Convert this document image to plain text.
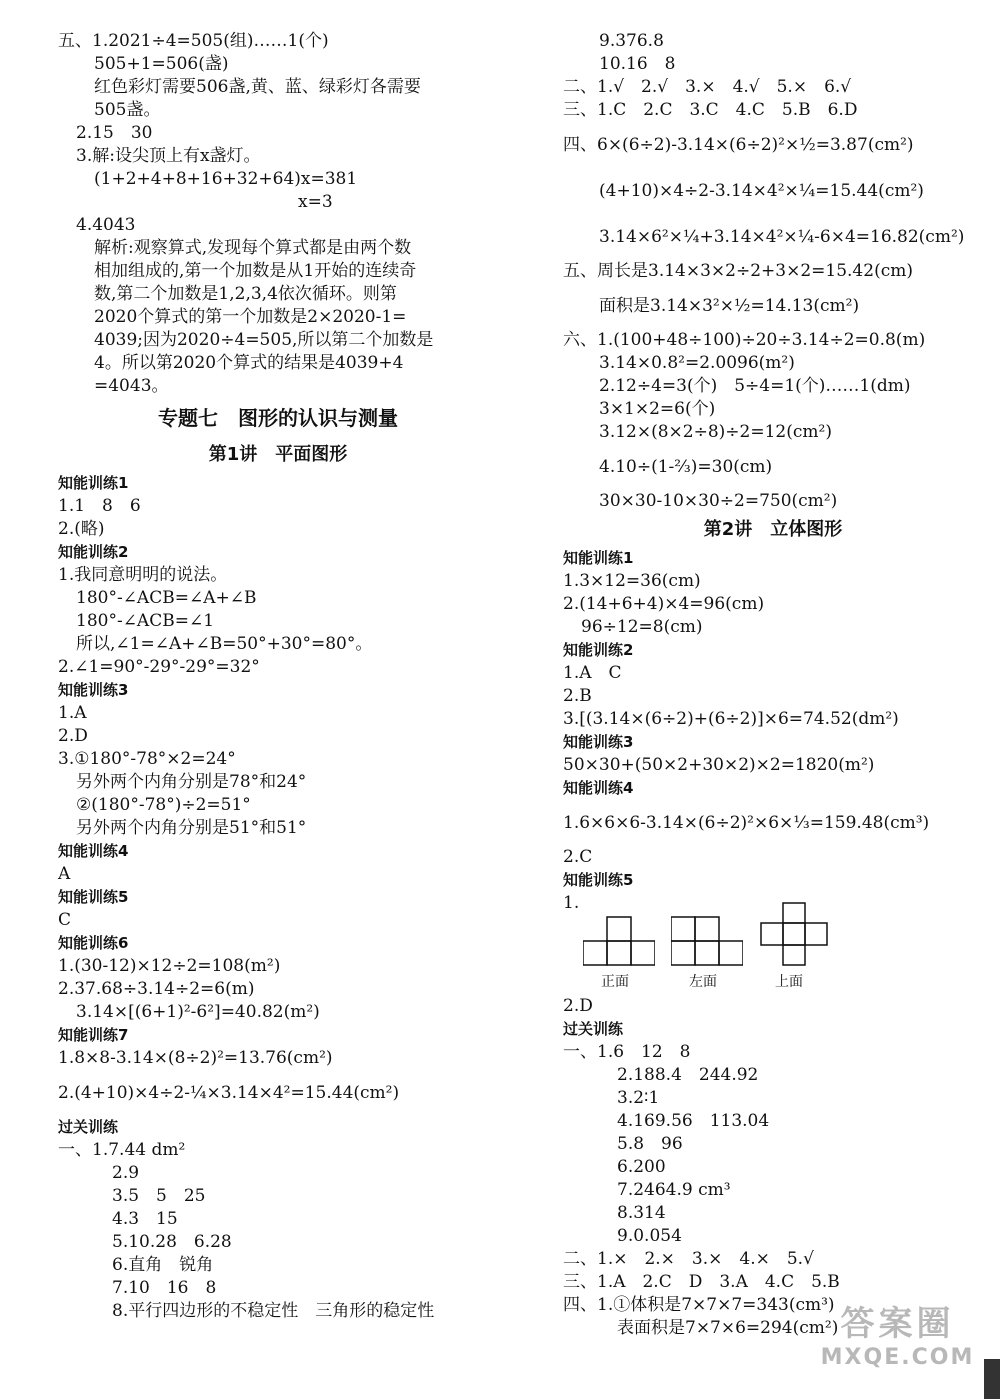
五、1.2021÷4=505(组)……1(个)
505+1=506(盏)
红色彩灯需要506盏,黄、蓝、绿彩灯各需要
505盏。
2.15　30
3.解:设尖顶上有x盏灯。
(1+2+4+8+16+32+64)x=381
x=3
4.4043
解析:观察算式,发现每个算式都是由两个数
相加组成的,第一个加数是从1开始的连续奇
数,第二个加数是1,2,3,4依次循环。则第
2020个算式的第一个加数是2×2020-1=
4039;因为2020÷4=505,所以第二个加数是
4。所以第2020个算式的结果是4039+4
=4043。
专题七　图形的认识与测量
第1讲　平面图形
知能训练1
1.1　8　6
2.(略)
知能训练2
1.我同意明明的说法。
180°-∠ACB=∠A+∠B
180°-∠ACB=∠1
所以,∠1=∠A+∠B=50°+30°=80°。
2.∠1=90°-29°-29°=32°
知能训练3
1.A
2.D
3.①180°-78°×2=24°
另外两个内角分别是78°和24°
②(180°-78°)÷2=51°
另外两个内角分别是51°和51°
知能训练4
A
知能训练5
C
知能训练6
1.(30-12)×12÷2=108(m²)
2.37.68÷3.14÷2=6(m)
3.14×[(6+1)²-6²]=40.82(m²)
知能训练7
1.8×8-3.14×(8÷2)²=13.76(cm²)
2.(4+10)×4÷2-¼×3.14×4²=15.44(cm²)
过关训练
一、1.7.44 dm²
2.9
3.5　5　25
4.3　15
5.10.28　6.28
6.直角　锐角
7.10　16　8
8.平行四边形的不稳定性　三角形的稳定性
9.376.8
10.16　8
二、1.√　2.√　3.×　4.√　5.×　6.√
三、1.C　2.C　3.C　4.C　5.B　6.D
四、6×(6÷2)-3.14×(6÷2)²×½=3.87(cm²)
(4+10)×4÷2-3.14×4²×¼=15.44(cm²)
3.14×6²×¼+3.14×4²×¼-6×4=16.82(cm²)
五、周长是3.14×3×2÷2+3×2=15.42(cm)
面积是3.14×3²×½=14.13(cm²)
六、1.(100+48÷100)÷20÷3.14÷2=0.8(m)
3.14×0.8²=2.0096(m²)
2.12÷4=3(个)　5÷4=1(个)……1(dm)
3×1×2=6(个)
3.12×(8×2÷8)÷2=12(cm²)
4.10÷(1-⅔)=30(cm)
30×30-10×30÷2=750(cm²)
第2讲　立体图形
知能训练1
1.3×12=36(cm)
2.(14+6+4)×4=96(cm)
96÷12=8(cm)
知能训练2
1.A　C
2.B
3.[(3.14×(6÷2)+(6÷2)]×6=74.52(dm²)
知能训练3
50×30+(50×2+30×2)×2=1820(m²)
知能训练4
1.6×6×6-3.14×(6÷2)²×6×⅓=159.48(cm³)
2.C
知能训练5
1.
正面	左面	上面
2.D
过关训练
一、1.6　12　8
2.188.4　244.92
3.2∶1
4.169.56　113.04
5.8　96
6.200
7.2464.9 cm³
8.314
9.0.054
二、1.×　2.×　3.×　4.×　5.√
三、1.A　2.C　D　3.A　4.C　5.B
四、1.①体积是7×7×7=343(cm³)
表面积是7×7×6=294(cm²) 答案圈
MXQE.COM
